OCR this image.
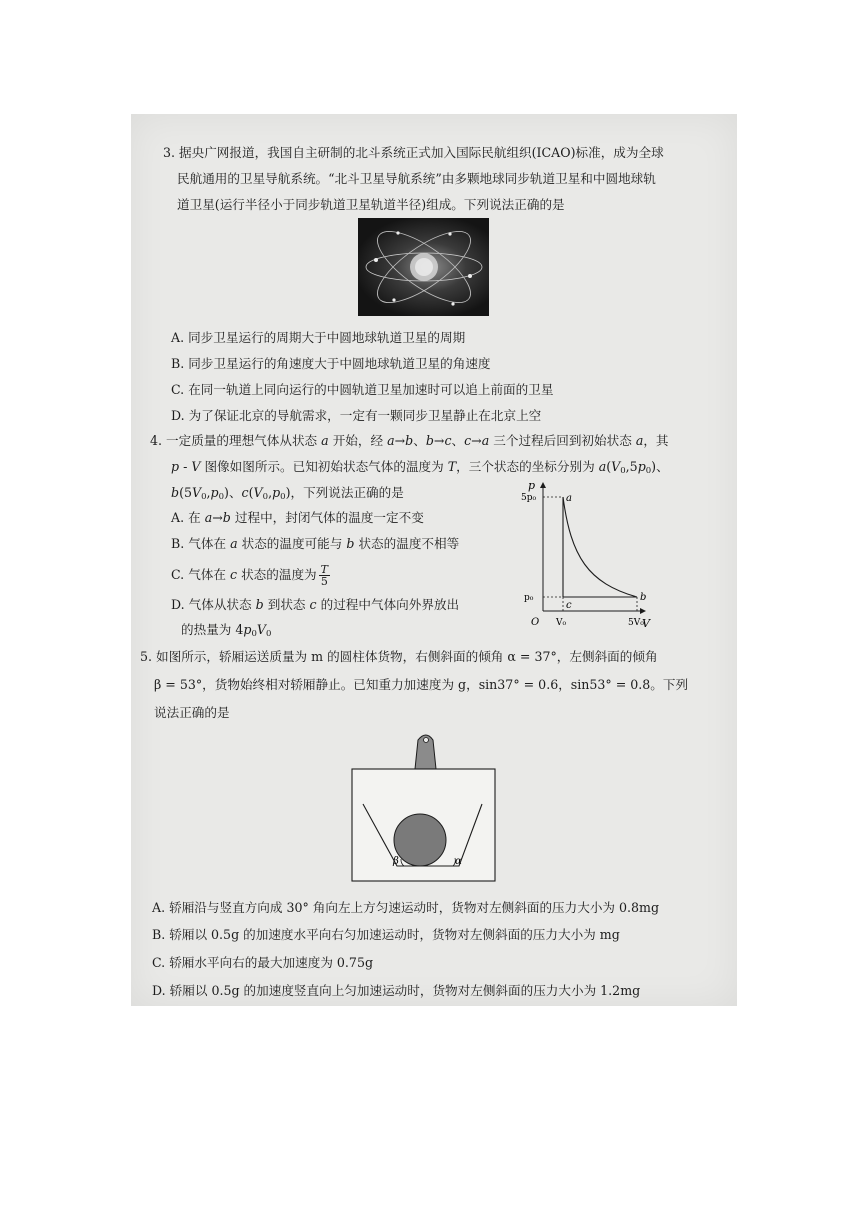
3. 据央广网报道，我国自主研制的北斗系统正式加入国际民航组织(ICAO)标准，成为全球
民航通用的卫星导航系统。“北斗卫星导航系统”由多颗地球同步轨道卫星和中圆地球轨
道卫星(运行半径小于同步轨道卫星轨道半径)组成。下列说法正确的是
A. 同步卫星运行的周期大于中圆地球轨道卫星的周期
B. 同步卫星运行的角速度大于中圆地球轨道卫星的角速度
C. 在同一轨道上同向运行的中圆轨道卫星加速时可以追上前面的卫星
D. 为了保证北京的导航需求，一定有一颗同步卫星静止在北京上空
4. 一定质量的理想气体从状态 a 开始，经 a→b、b→c、c→a 三个过程后回到初始状态 a，其
p - V 图像如图所示。已知初始状态气体的温度为 T，三个状态的坐标分别为 $a(V_0,5p_0)$、
$b(5V_0,p_0)$、$c(V_0,p_0)$，下列说法正确的是
A. 在 a→b 过程中，封闭气体的温度一定不变
B. 气体在 a 状态的温度可能与 b 状态的温度不相等
C. 气体在 c 状态的温度为 $\frac{T}{5}$
D. 气体从状态 b 到状态 c 的过程中气体向外界放出
的热量为 $4p_0V_0$
p
V
O
5p₀
p₀
V₀	5V₀
a
b
c
5. 如图所示，轿厢运送质量为 m 的圆柱体货物，右侧斜面的倾角 α = 37°，左侧斜面的倾角
β = 53°，货物始终相对轿厢静止。已知重力加速度为 g，sin37° = 0.6，sin53° = 0.8。下列
说法正确的是
β	α
A. 轿厢沿与竖直方向成 30° 角向左上方匀速运动时，货物对左侧斜面的压力大小为 0.8mg
B. 轿厢以 0.5g 的加速度水平向右匀加速运动时，货物对左侧斜面的压力大小为 mg
C. 轿厢水平向右的最大加速度为 0.75g
D. 轿厢以 0.5g 的加速度竖直向上匀加速运动时，货物对左侧斜面的压力大小为 1.2mg
